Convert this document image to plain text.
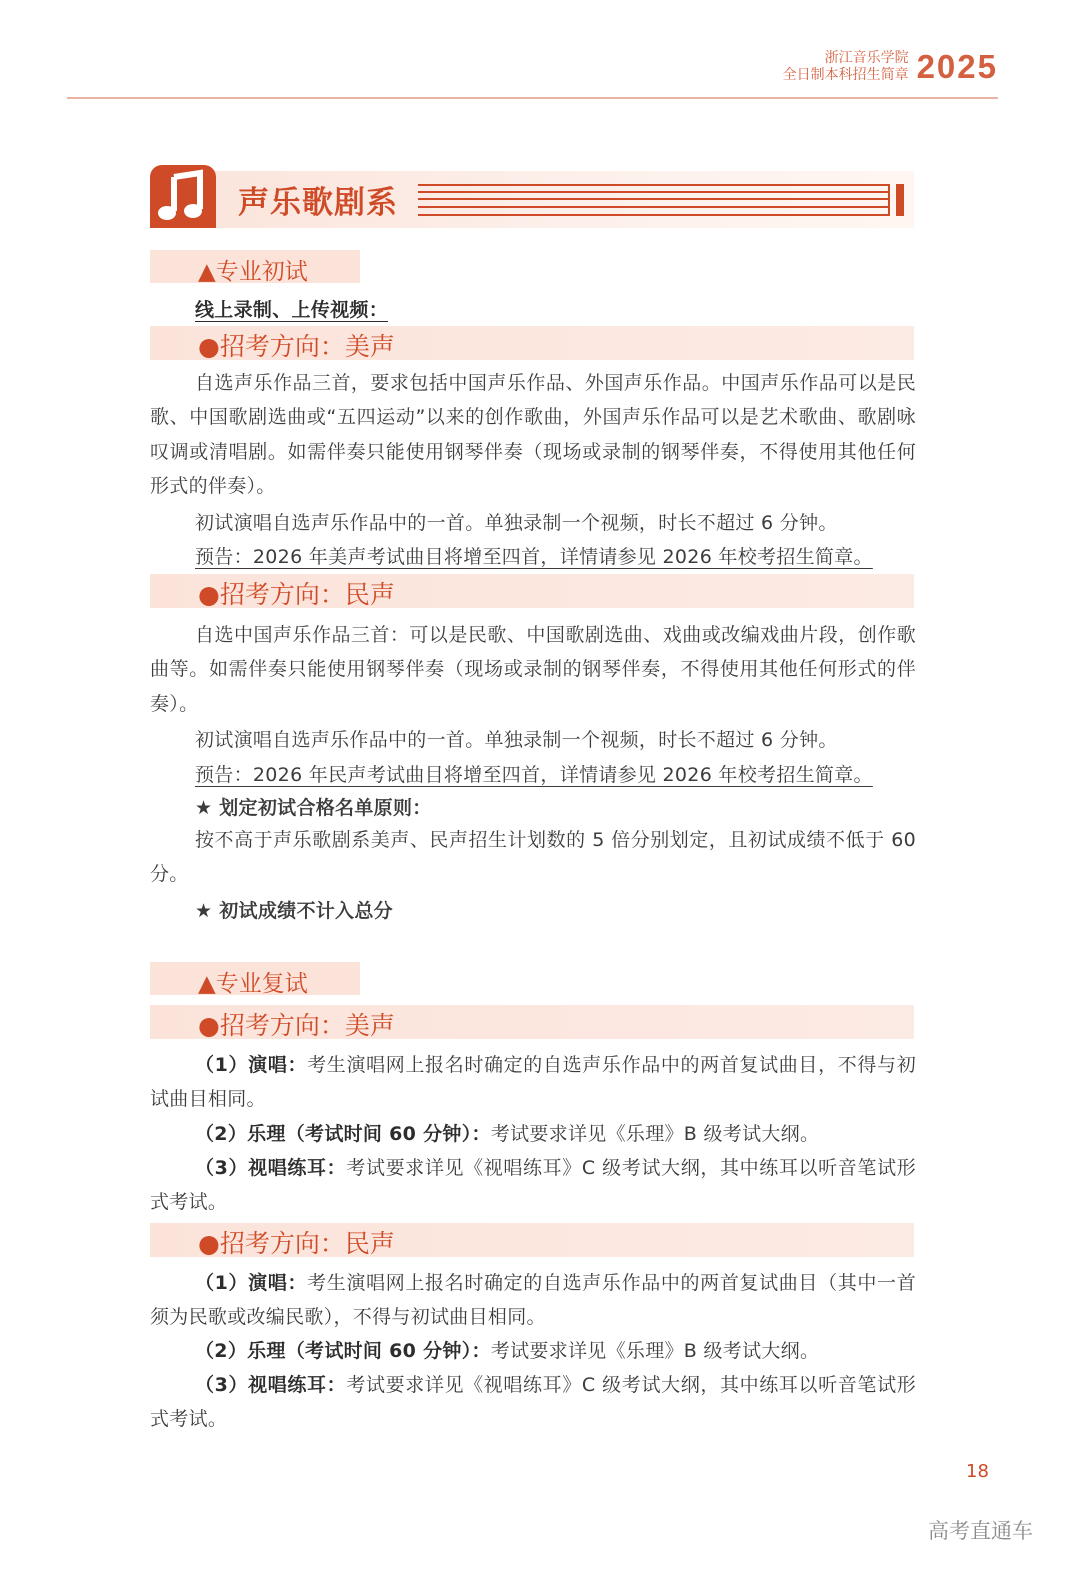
浙江音乐学院
全日制本科招生简章 2025
声乐歌剧系
▲专业初试
线上录制、上传视频：
●招考方向：美声
自选声乐作品三首，要求包括中国声乐作品、外国声乐作品。中国声乐作品可以是民歌、中国歌剧选曲或“五四运动”以来的创作歌曲，外国声乐作品可以是艺术歌曲、歌剧咏叹调或清唱剧。如需伴奏只能使用钢琴伴奏（现场或录制的钢琴伴奏，不得使用其他任何形式的伴奏）。
初试演唱自选声乐作品中的一首。单独录制一个视频，时长不超过 6 分钟。
预告：2026 年美声考试曲目将增至四首，详情请参见 2026 年校考招生简章。
●招考方向：民声
自选中国声乐作品三首：可以是民歌、中国歌剧选曲、戏曲或改编戏曲片段，创作歌曲等。如需伴奏只能使用钢琴伴奏（现场或录制的钢琴伴奏，不得使用其他任何形式的伴奏）。
初试演唱自选声乐作品中的一首。单独录制一个视频，时长不超过 6 分钟。
预告：2026 年民声考试曲目将增至四首，详情请参见 2026 年校考招生简章。
★ 划定初试合格名单原则：
按不高于声乐歌剧系美声、民声招生计划数的 5 倍分别划定，且初试成绩不低于 60 分。
★ 初试成绩不计入总分
▲专业复试
●招考方向：美声
（1）演唱：考生演唱网上报名时确定的自选声乐作品中的两首复试曲目，不得与初试曲目相同。
（2）乐理（考试时间 60 分钟）：考试要求详见《乐理》B 级考试大纲。
（3）视唱练耳：考试要求详见《视唱练耳》C 级考试大纲，其中练耳以听音笔试形式考试。
●招考方向：民声
（1）演唱：考生演唱网上报名时确定的自选声乐作品中的两首复试曲目（其中一首须为民歌或改编民歌），不得与初试曲目相同。
（2）乐理（考试时间 60 分钟）：考试要求详见《乐理》B 级考试大纲。
（3）视唱练耳：考试要求详见《视唱练耳》C 级考试大纲，其中练耳以听音笔试形式考试。
18
高考直通车
